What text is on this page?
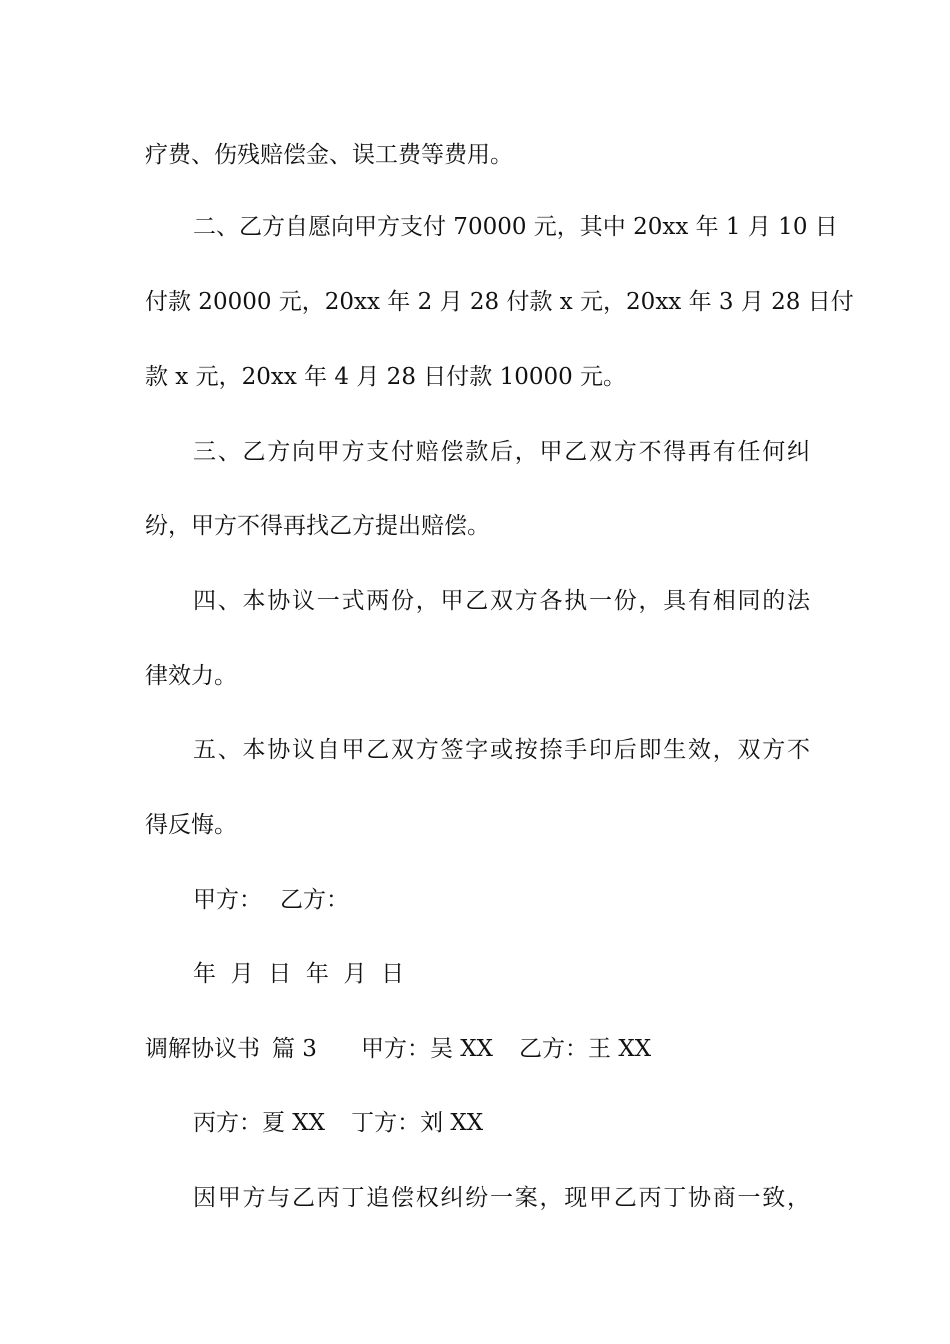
疗费、伤残赔偿金、误工费等费用。
二、乙方自愿向甲方支付 70000 元，其中 20xx 年 1 月 10 日
付款 20000 元，20xx 年 2 月 28 付款 x 元，20xx 年 3 月 28 日付
款 x 元，20xx 年 4 月 28 日付款 10000 元。
三、乙方向甲方支付赔偿款后，甲乙双方不得再有任何纠
纷，甲方不得再找乙方提出赔偿。
四、本协议一式两份，甲乙双方各执一份，具有相同的法
律效力。
五、本协议自甲乙双方签字或按捺手印后即生效，双方不
得反悔。
甲方： 乙方：
年  月  日  年  月  日
调解协议书 篇 3 甲方：吴 XX 乙方：王 XX
丙方：夏 XX 丁方：刘 XX
因甲方与乙丙丁追偿权纠纷一案，现甲乙丙丁协商一致，
